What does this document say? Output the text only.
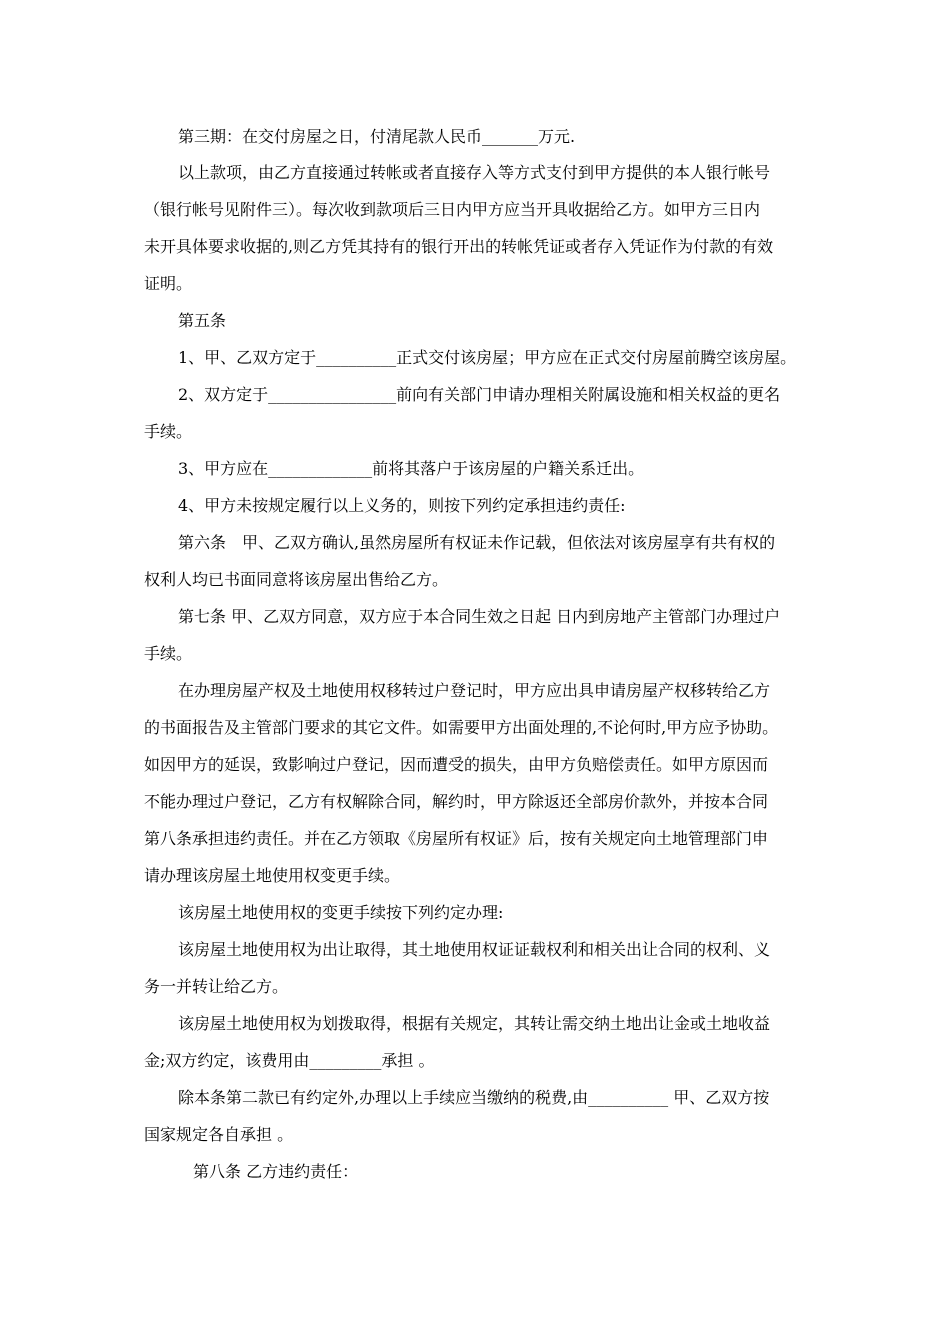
第三期：在交付房屋之日，付清尾款人民币_______万元.
以上款项，由乙方直接通过转帐或者直接存入等方式支付到甲方提供的本人银行帐号
（银行帐号见附件三）。每次收到款项后三日内甲方应当开具收据给乙方。如甲方三日内
未开具体要求收据的,则乙方凭其持有的银行开出的转帐凭证或者存入凭证作为付款的有效
证明。
第五条
1、甲、乙双方定于__________正式交付该房屋；甲方应在正式交付房屋前腾空该房屋。
2、双方定于________________前向有关部门申请办理相关附属设施和相关权益的更名
手续。
3、甲方应在_____________前将其落户于该房屋的户籍关系迁出。
4、甲方未按规定履行以上义务的，则按下列约定承担违约责任:
第六条　甲、乙双方确认,虽然房屋所有权证未作记载，但依法对该房屋享有共有权的
权利人均已书面同意将该房屋出售给乙方。
第七条 甲、乙双方同意，双方应于本合同生效之日起 日内到房地产主管部门办理过户
手续。
在办理房屋产权及土地使用权移转过户登记时，甲方应出具申请房屋产权移转给乙方
的书面报告及主管部门要求的其它文件。如需要甲方出面处理的,不论何时,甲方应予协助。
如因甲方的延误，致影响过户登记，因而遭受的损失，由甲方负赔偿责任。如甲方原因而
不能办理过户登记，乙方有权解除合同，解约时，甲方除返还全部房价款外，并按本合同
第八条承担违约责任。并在乙方领取《房屋所有权证》后，按有关规定向土地管理部门申
请办理该房屋土地使用权变更手续。
该房屋土地使用权的变更手续按下列约定办理:
该房屋土地使用权为出让取得，其土地使用权证证载权利和相关出让合同的权利、义
务一并转让给乙方。
该房屋土地使用权为划拨取得，根据有关规定，其转让需交纳土地出让金或土地收益
金;双方约定，该费用由_________承担 。
除本条第二款已有约定外,办理以上手续应当缴纳的税费,由__________ 甲、乙双方按
国家规定各自承担 。
第八条 乙方违约责任：
